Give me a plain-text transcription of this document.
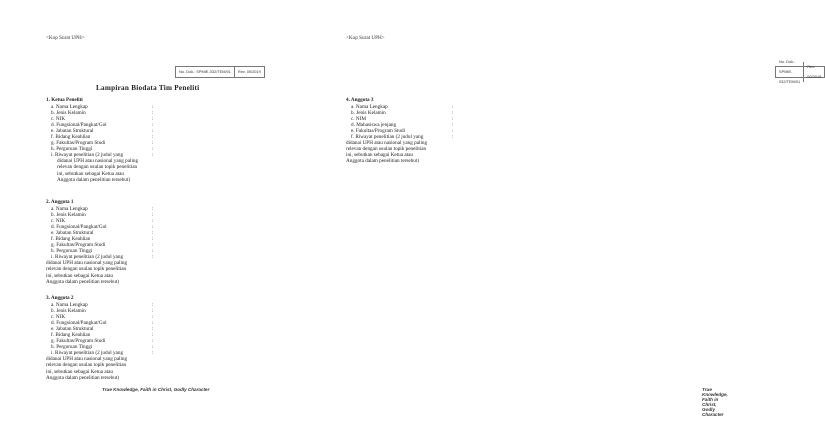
<Kop Surat UPH>
No. Dok.: SPMIE-032/TEM/01	Rev. 00/2019
Lampiran Biodata Tim Peneliti
1. Ketua Peneliti
a. Nama Lengkap	:
b. Jenis Kelamin	:
c. NIK	:
d. Fungsional/Pangkat/Gol	:
e. Jabatan Struktural	:
f. Bidang Keahlian	:
g. Fakultas/Program Studi	:
h. Perguruan Tinggi	:
i. Riwayat penelitian (2 judul yang	:
didanai UPH atau nasional yang paling
relevan dengan usulan topik penelitian
ini, sebutkan sebagai Ketua atau
Anggota dalam penelitian tersebut)
2. Anggota 1
a. Nama Lengkap	:
b. Jenis Kelamin	:
c. NIK	:
d. Fungsional/Pangkat/Gol	:
e. Jabatan Struktural	:
f. Bidang Keahlian	:
g. Fakultas/Program Studi	:
h. Perguruan Tinggi	:
i. Riwayat penelitian (2 judul yang	:
didanai UPH atau nasional yang paling
relevan dengan usulan topik penelitian
ini, sebutkan sebagai Ketua atau
Anggota dalam penelitian tersebut)
3. Anggota 2
a. Nama Lengkap	:
b. Jenis Kelamin	:
c. NIK	:
d. Fungsional/Pangkat/Gol	:
e. Jabatan Struktural	:
f. Bidang Keahlian	:
g. Fakultas/Program Studi	:
h. Perguruan Tinggi	:
i. Riwayat penelitian (2 judul yang	:
didanai UPH atau nasional yang paling
relevan dengan usulan topik penelitian
ini, sebutkan sebagai Ketua atau
Anggota dalam penelitian tersebut)
True Knowledge, Faith in Christ, Godly Character
<Kop Surat UPH>
No. Dok.: SPMIE-032/TEM/01
Rev. 00/2019
4. Anggota 3
a. Nama Lengkap	:
b. Jenis Kelamin	:
c. NIM	:
d. Mahasiswa jenjang	:
e. Fakultas/Program Studi	:
f. Riwayat penelitian (2 judul yang	:
didanai UPH atau nasional yang paling
relevan dengan usulan topik penelitian
ini, sebutkan sebagai Ketua atau
Anggota dalam penelitian tersebut)
True Knowledge, Faith in Christ, Godly Character
